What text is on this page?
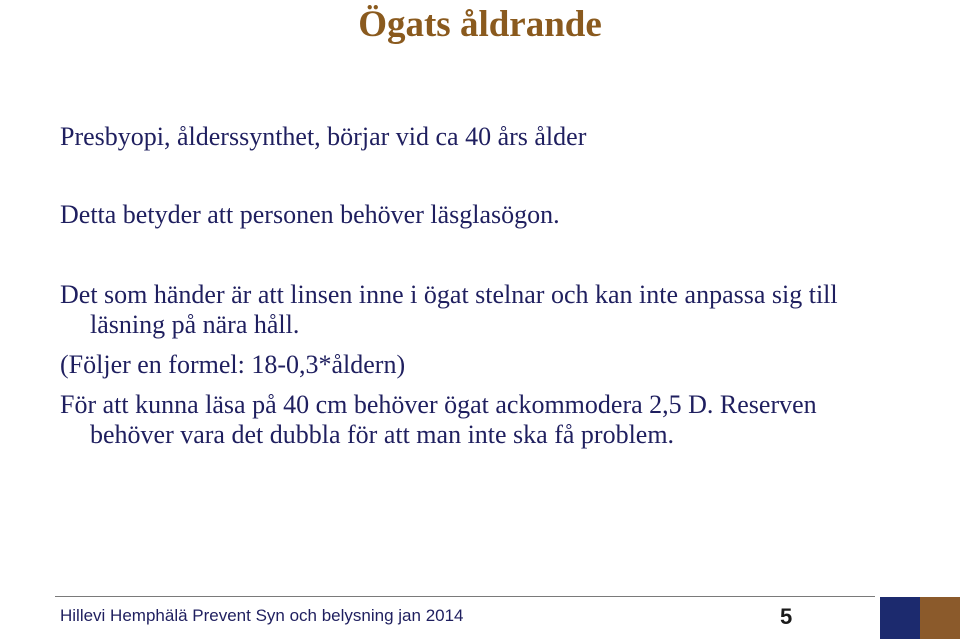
Ögats åldrande

Presbyopi, ålderssynthet, börjar vid ca 40 års ålder

Detta betyder att personen behöver läsglasögon.

Det som händer är att linsen inne i ögat stelnar och kan inte anpassa sig till läsning på nära håll.

(Följer en formel: 18-0,3*åldern)

För att kunna läsa på 40 cm behöver ögat ackommodera 2,5 D. Reserven behöver vara det dubbla för att man inte ska få problem.

Hillevi Hemphälä Prevent Syn och belysning jan 2014	5
